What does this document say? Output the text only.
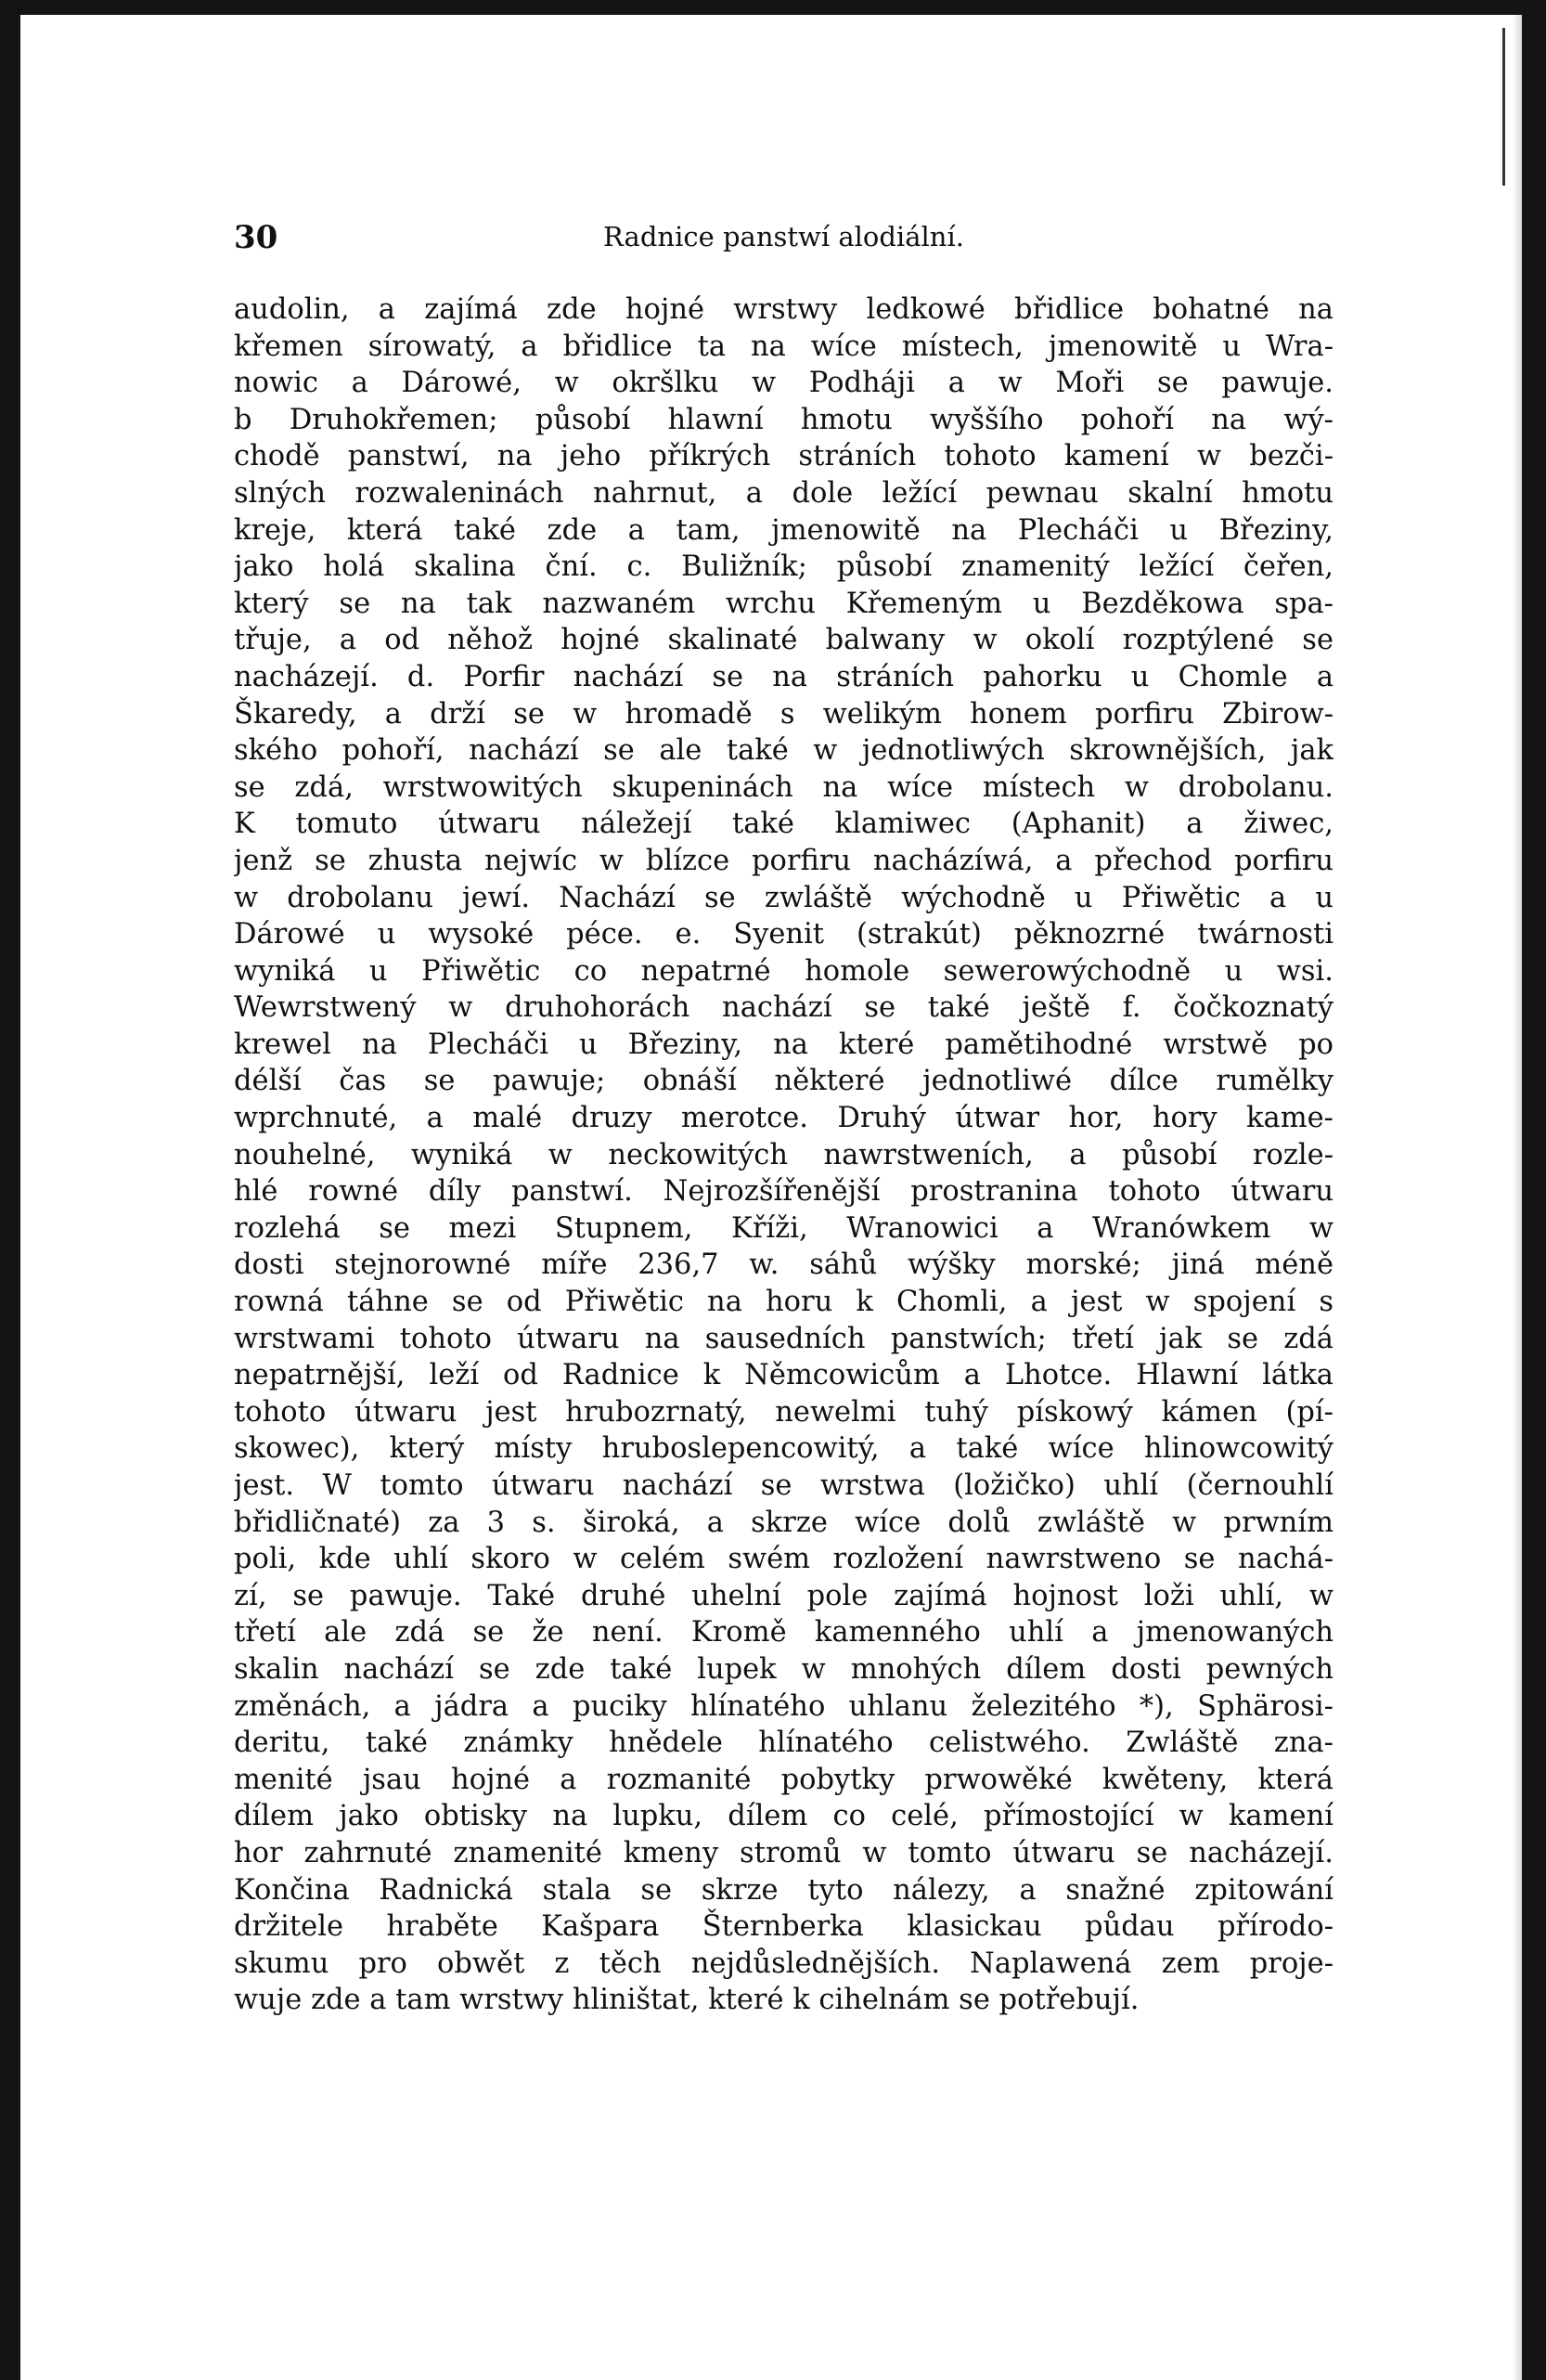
30	Radnice panstwí alodiální.
audolin, a zajímá zde hojné wrstwy ledkowé břidlice bohatné na
křemen sírowatý, a břidlice ta na wíce místech, jmenowitě u Wra-
nowic a Dárowé, w okršlku w Podháji a w Moři se pawuje.
b Druhokřemen; působí hlawní hmotu wyššího pohoří na wý-
chodě panstwí, na jeho příkrých stráních tohoto kamení w bezči-
slných rozwaleninách nahrnut, a dole ležící pewnau skalní hmotu
kreje, která také zde a tam, jmenowitě na Plecháči u Březiny,
jako holá skalina ční. c. Buližník; působí znamenitý ležící čeřen,
který se na tak nazwaném wrchu Křemeným u Bezděkowa spa-
třuje, a od něhož hojné skalinaté balwany w okolí rozptýlené se
nacházejí. d. Porfir nachází se na stráních pahorku u Chomle a
Škaredy, a drží se w hromadě s welikým honem porfiru Zbirow-
ského pohoří, nachází se ale také w jednotliwých skrownějších, jak
se zdá, wrstwowitých skupeninách na wíce místech w drobolanu.
K tomuto útwaru náležejí také klamiwec (Aphanit) a žiwec,
jenž se zhusta nejwíc w blízce porfiru nacházíwá, a přechod porfiru
w drobolanu jewí. Nachází se zwláště wýchodně u Přiwětic a u
Dárowé u wysoké péce. e. Syenit (strakút) pěknozrné twárnosti
wyniká u Přiwětic co nepatrné homole sewerowýchodně u wsi.
Wewrstwený w druhohorách nachází se také ještě f. čočkoznatý
krewel na Plecháči u Březiny, na které pamětihodné wrstwě po
délší čas se pawuje; obnáší některé jednotliwé dílce rumělky
wprchnuté, a malé druzy merotce. Druhý útwar hor, hory kame-
nouhelné, wyniká w neckowitých nawrstweních, a působí rozle-
hlé rowné díly panstwí. Nejrozšířenější prostranina tohoto útwaru
rozlehá se mezi Stupnem, Kříži, Wranowici a Wranówkem w
dosti stejnorowné míře 236,7 w. sáhů wýšky morské; jiná méně
rowná táhne se od Přiwětic na horu k Chomli, a jest w spojení s
wrstwami tohoto útwaru na sausedních panstwích; třetí jak se zdá
nepatrnější, leží od Radnice k Němcowicům a Lhotce. Hlawní látka
tohoto útwaru jest hrubozrnatý, newelmi tuhý pískowý kámen (pí-
skowec), který místy hruboslepencowitý, a také wíce hlinowcowitý
jest. W tomto útwaru nachází se wrstwa (ložičko) uhlí (černouhlí
břidličnaté) za 3 s. široká, a skrze wíce dolů zwláště w prwním
poli, kde uhlí skoro w celém swém rozložení nawrstweno se nachá-
zí, se pawuje. Také druhé uhelní pole zajímá hojnost loži uhlí, w
třetí ale zdá se že není. Kromě kamenného uhlí a jmenowaných
skalin nachází se zde také lupek w mnohých dílem dosti pewných
změnách, a jádra a puciky hlínatého uhlanu železitého *), Sphärosi-
deritu, také známky hnědele hlínatého celistwého. Zwláště zna-
menité jsau hojné a rozmanité pobytky prwowěké kwěteny, která
dílem jako obtisky na lupku, dílem co celé, přímostojící w kamení
hor zahrnuté znamenité kmeny stromů w tomto útwaru se nacházejí.
Končina Radnická stala se skrze tyto nálezy, a snažné zpitowání
držitele hraběte Kašpara Šternberka klasickau půdau přírodo-
skumu pro obwět z těch nejdůslednějších. Naplawená zem proje-
wuje zde a tam wrstwy hliništat, které k cihelnám se potřebují.
